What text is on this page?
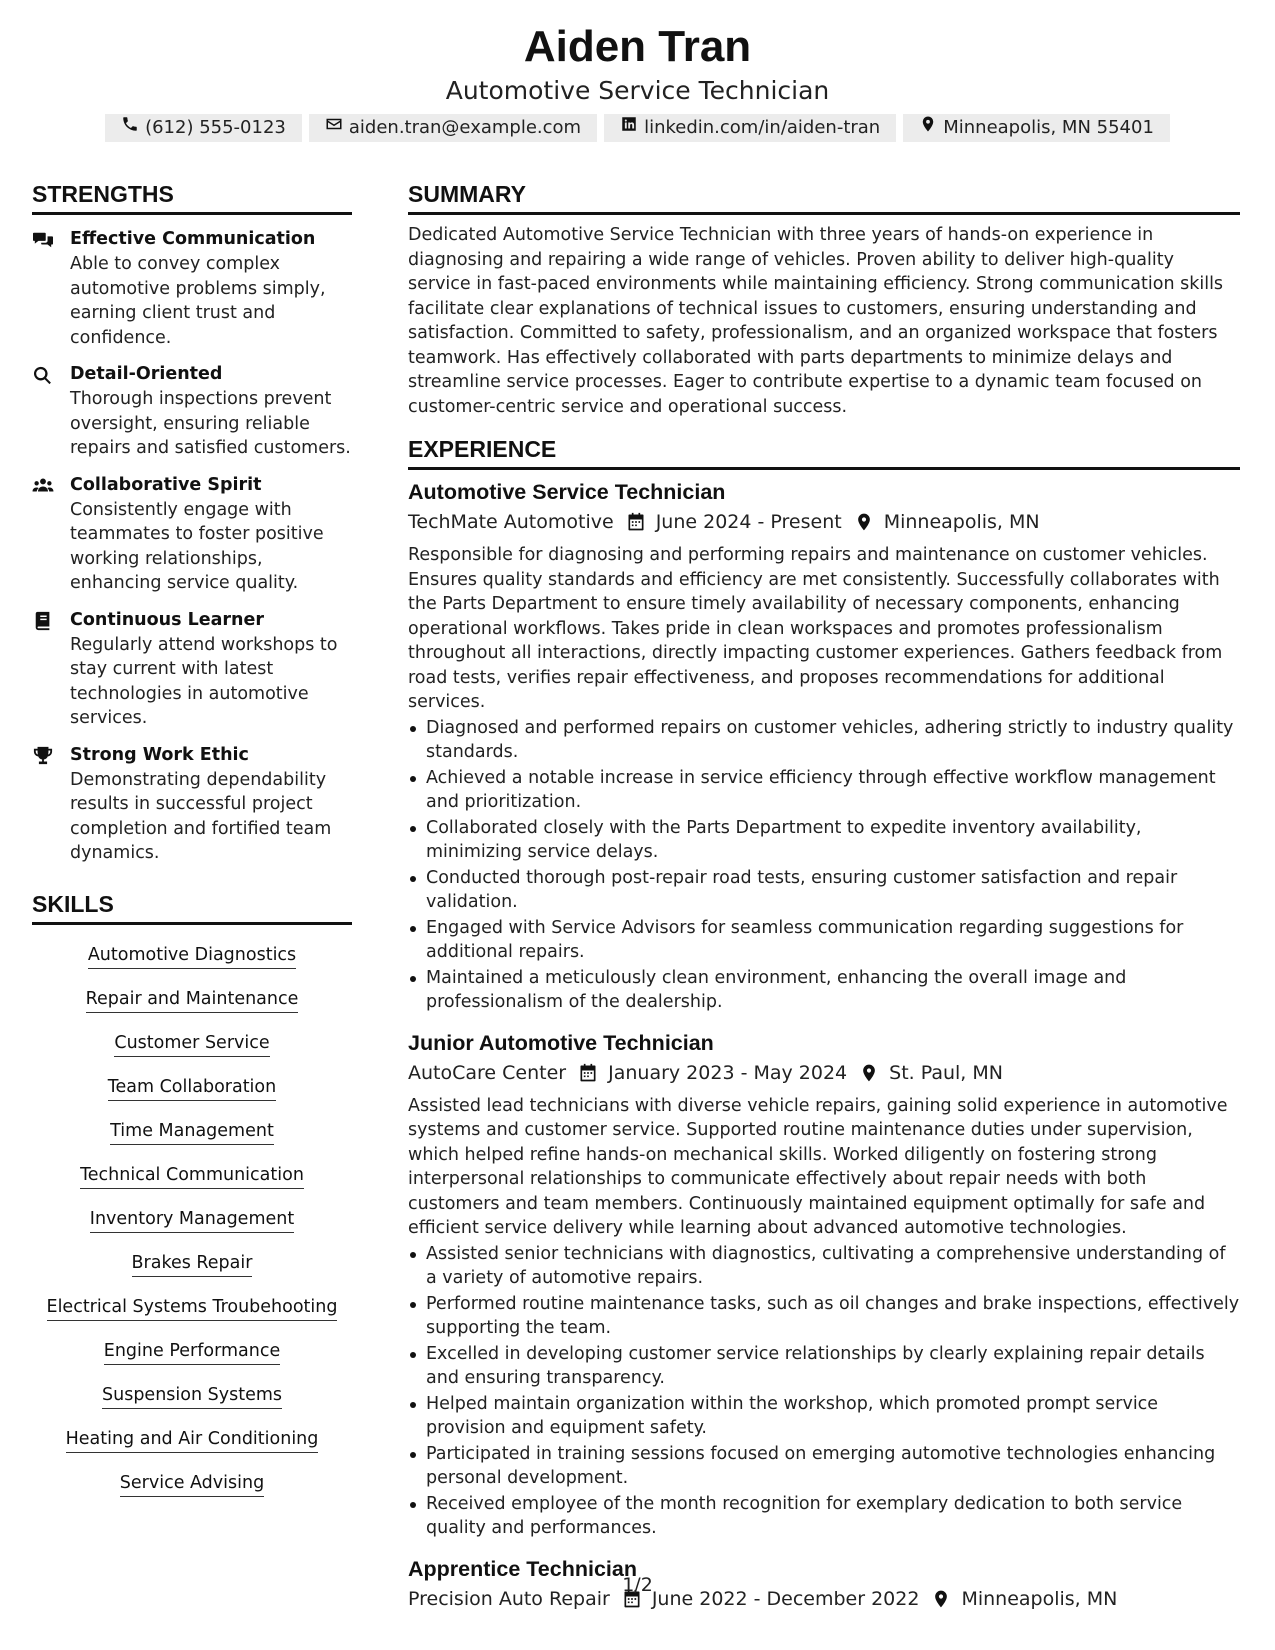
Aiden Tran
Automotive Service Technician
(612) 555-0123	aiden.tran@example.com	linkedin.com/in/aiden-tran	Minneapolis, MN 55401
STRENGTHS
Effective Communication
Able to convey complex automotive problems simply, earning client trust and confidence.
Detail-Oriented
Thorough inspections prevent oversight, ensuring reliable repairs and satisfied customers.
Collaborative Spirit
Consistently engage with teammates to foster positive working relationships, enhancing service quality.
Continuous Learner
Regularly attend workshops to stay current with latest technologies in automotive services.
Strong Work Ethic
Demonstrating dependability results in successful project completion and fortified team dynamics.
SKILLS
Automotive Diagnostics
Repair and Maintenance
Customer Service
Team Collaboration
Time Management
Technical Communication
Inventory Management
Brakes Repair
Electrical Systems Troubehooting
Engine Performance
Suspension Systems
Heating and Air Conditioning
Service Advising
SUMMARY
Dedicated Automotive Service Technician with three years of hands-on experience in diagnosing and repairing a wide range of vehicles. Proven ability to deliver high-quality service in fast-paced environments while maintaining efficiency. Strong communication skills facilitate clear explanations of technical issues to customers, ensuring understanding and satisfaction. Committed to safety, professionalism, and an organized workspace that fosters teamwork. Has effectively collaborated with parts departments to minimize delays and streamline service processes. Eager to contribute expertise to a dynamic team focused on customer-centric service and operational success.
EXPERIENCE
Automotive Service Technician
TechMate Automotive June 2024 - Present Minneapolis, MN
Responsible for diagnosing and performing repairs and maintenance on customer vehicles. Ensures quality standards and efficiency are met consistently. Successfully collaborates with the Parts Department to ensure timely availability of necessary components, enhancing operational workflows. Takes pride in clean workspaces and promotes professionalism throughout all interactions, directly impacting customer experiences. Gathers feedback from road tests, verifies repair effectiveness, and proposes recommendations for additional services.
Diagnosed and performed repairs on customer vehicles, adhering strictly to industry quality standards.
Achieved a notable increase in service efficiency through effective workflow management and prioritization.
Collaborated closely with the Parts Department to expedite inventory availability, minimizing service delays.
Conducted thorough post-repair road tests, ensuring customer satisfaction and repair validation.
Engaged with Service Advisors for seamless communication regarding suggestions for additional repairs.
Maintained a meticulously clean environment, enhancing the overall image and professionalism of the dealership.
Junior Automotive Technician
AutoCare Center January 2023 - May 2024 St. Paul, MN
Assisted lead technicians with diverse vehicle repairs, gaining solid experience in automotive systems and customer service. Supported routine maintenance duties under supervision, which helped refine hands-on mechanical skills. Worked diligently on fostering strong interpersonal relationships to communicate effectively about repair needs with both customers and team members. Continuously maintained equipment optimally for safe and efficient service delivery while learning about advanced automotive technologies.
Assisted senior technicians with diagnostics, cultivating a comprehensive understanding of a variety of automotive repairs.
Performed routine maintenance tasks, such as oil changes and brake inspections, effectively supporting the team.
Excelled in developing customer service relationships by clearly explaining repair details and ensuring transparency.
Helped maintain organization within the workshop, which promoted prompt service provision and equipment safety.
Participated in training sessions focused on emerging automotive technologies enhancing personal development.
Received employee of the month recognition for exemplary dedication to both service quality and performances.
Apprentice Technician
Precision Auto Repair June 2022 - December 2022 Minneapolis, MN
1/2
